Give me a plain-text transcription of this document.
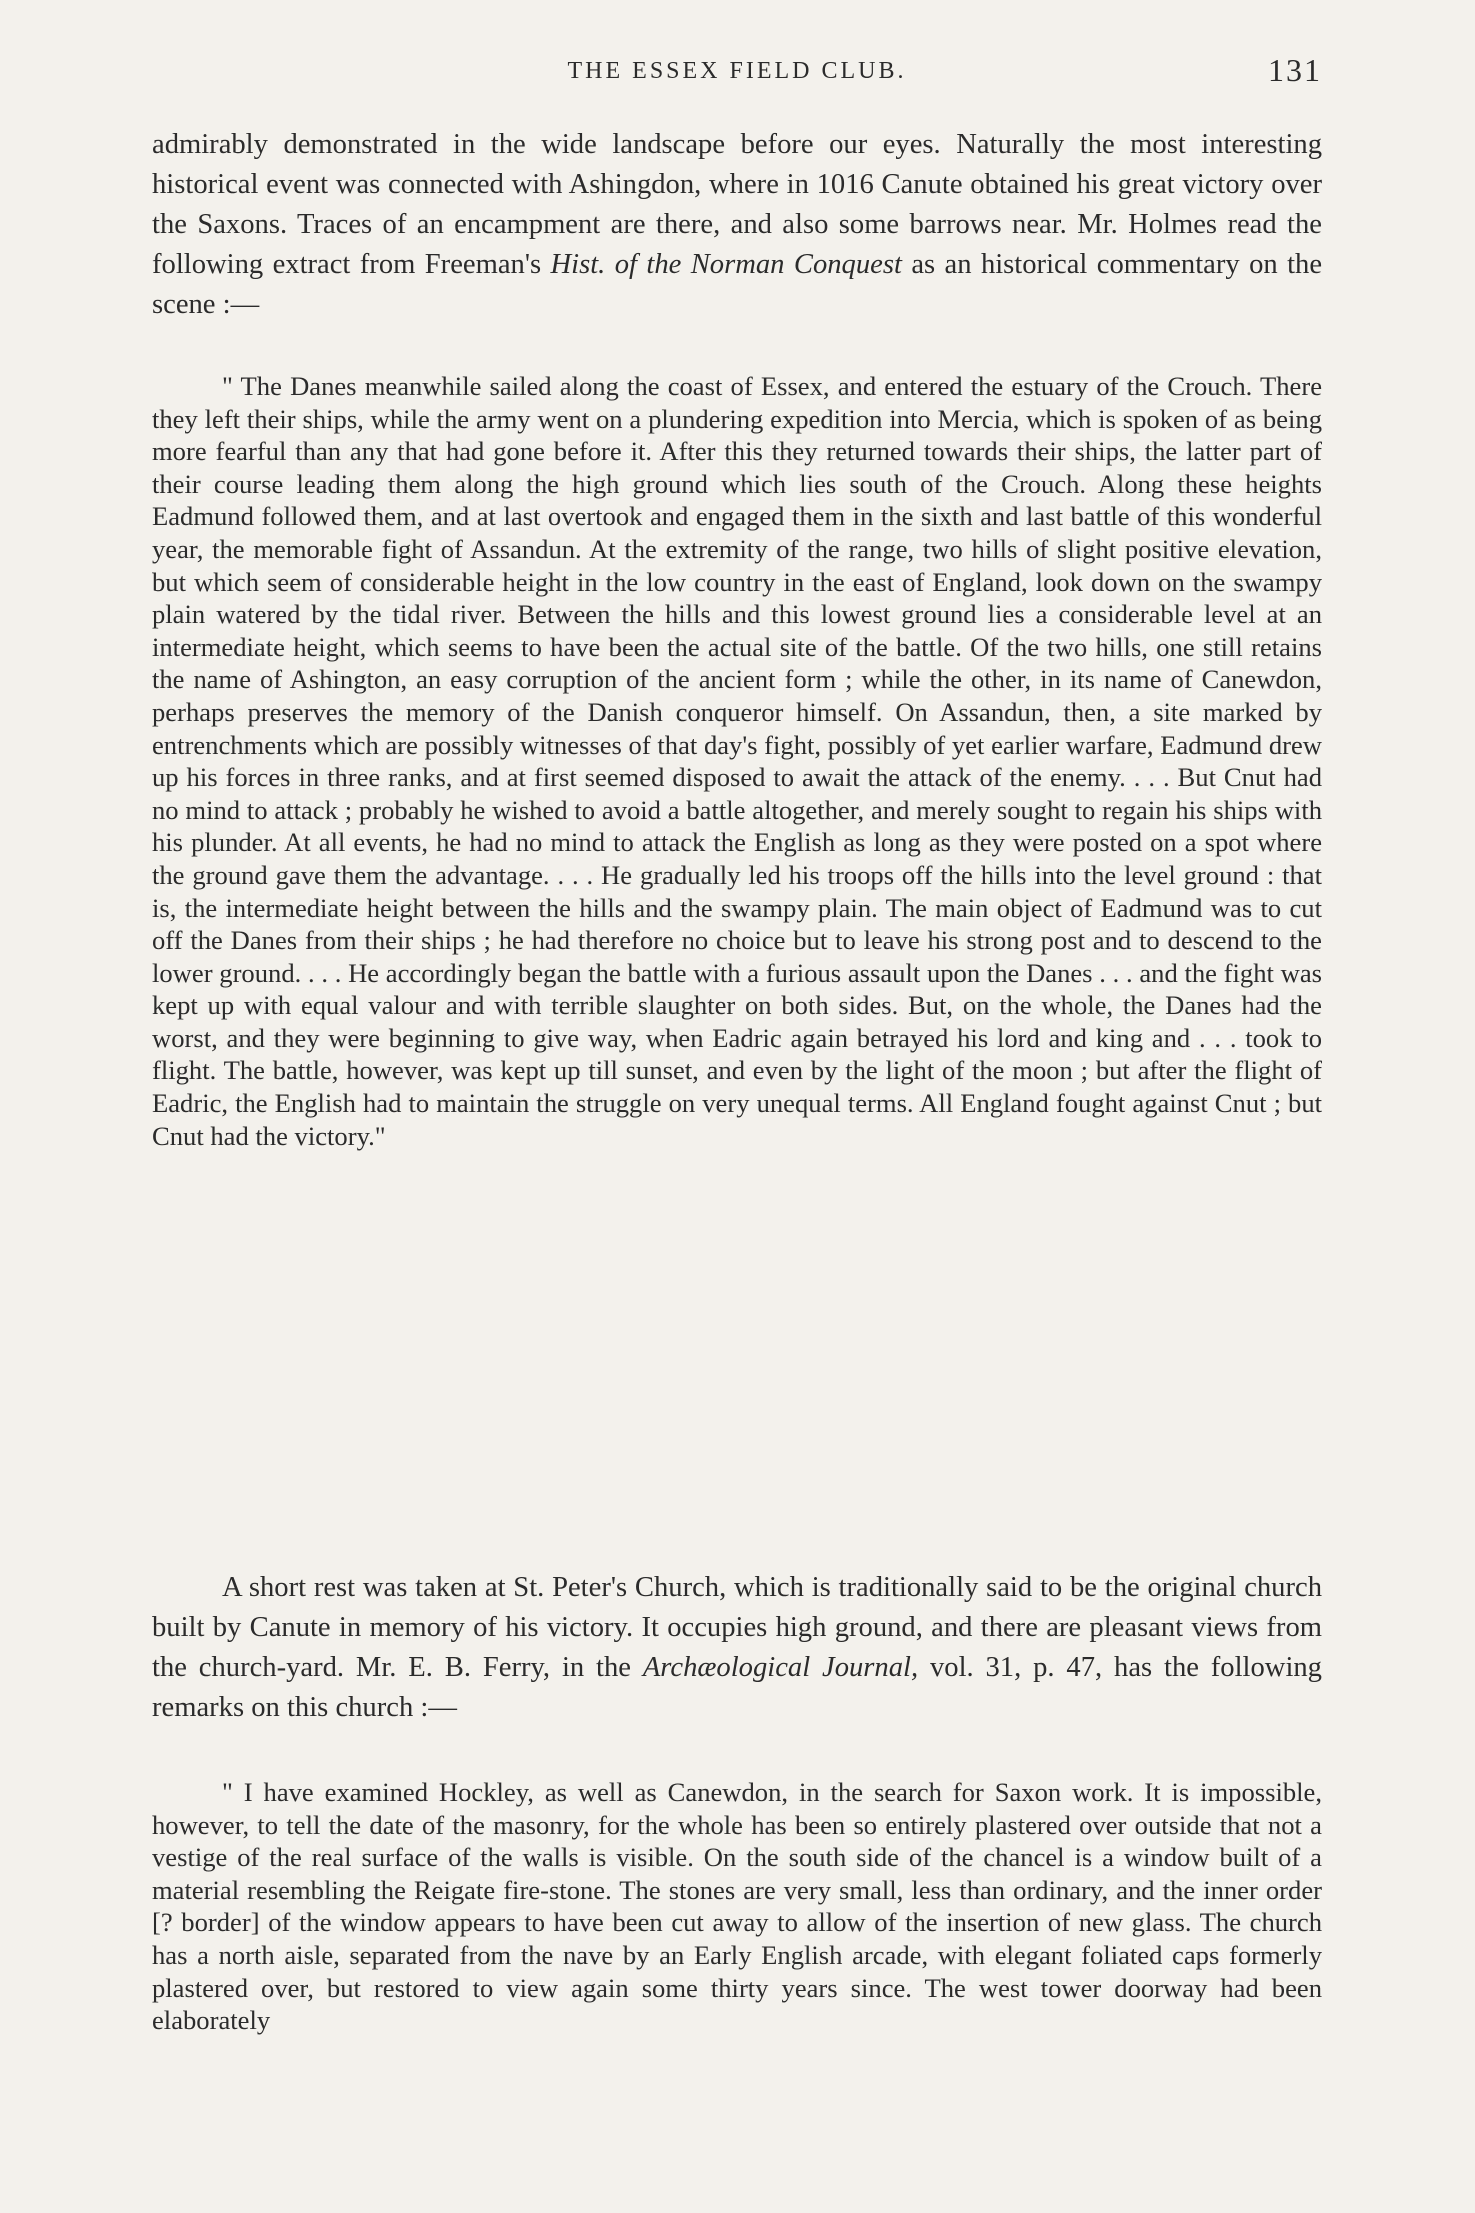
THE ESSEX FIELD CLUB.	131

admirably demonstrated in the wide landscape before our eyes. Naturally the most interesting historical event was connected with Ashingdon, where in 1016 Canute obtained his great victory over the Saxons. Traces of an encampment are there, and also some barrows near. Mr. Holmes read the following extract from Freeman's Hist. of the Norman Conquest as an historical commentary on the scene :—

" The Danes meanwhile sailed along the coast of Essex, and entered the estuary of the Crouch. There they left their ships, while the army went on a plundering expedition into Mercia, which is spoken of as being more fearful than any that had gone before it. After this they returned towards their ships, the latter part of their course leading them along the high ground which lies south of the Crouch. Along these heights Eadmund followed them, and at last overtook and engaged them in the sixth and last battle of this wonderful year, the memorable fight of Assandun. At the extremity of the range, two hills of slight positive elevation, but which seem of considerable height in the low country in the east of England, look down on the swampy plain watered by the tidal river. Between the hills and this lowest ground lies a considerable level at an intermediate height, which seems to have been the actual site of the battle. Of the two hills, one still retains the name of Ashington, an easy corruption of the ancient form ; while the other, in its name of Canewdon, perhaps preserves the memory of the Danish conqueror himself. On Assandun, then, a site marked by entrenchments which are possibly witnesses of that day's fight, possibly of yet earlier warfare, Eadmund drew up his forces in three ranks, and at first seemed disposed to await the attack of the enemy. . . . But Cnut had no mind to attack ; probably he wished to avoid a battle altogether, and merely sought to regain his ships with his plunder. At all events, he had no mind to attack the English as long as they were posted on a spot where the ground gave them the advantage. . . . He gradually led his troops off the hills into the level ground : that is, the intermediate height between the hills and the swampy plain. The main object of Eadmund was to cut off the Danes from their ships ; he had therefore no choice but to leave his strong post and to descend to the lower ground. . . . He accordingly began the battle with a furious assault upon the Danes . . . and the fight was kept up with equal valour and with terrible slaughter on both sides. But, on the whole, the Danes had the worst, and they were beginning to give way, when Eadric again betrayed his lord and king and . . . took to flight. The battle, however, was kept up till sunset, and even by the light of the moon ; but after the flight of Eadric, the English had to maintain the struggle on very unequal terms. All England fought against Cnut ; but Cnut had the victory."

A short rest was taken at St. Peter's Church, which is traditionally said to be the original church built by Canute in memory of his victory. It occupies high ground, and there are pleasant views from the church-yard. Mr. E. B. Ferry, in the Archæological Journal, vol. 31, p. 47, has the following remarks on this church :—

" I have examined Hockley, as well as Canewdon, in the search for Saxon work. It is impossible, however, to tell the date of the masonry, for the whole has been so entirely plastered over outside that not a vestige of the real surface of the walls is visible. On the south side of the chancel is a window built of a material resembling the Reigate fire-stone. The stones are very small, less than ordinary, and the inner order [? border] of the window appears to have been cut away to allow of the insertion of new glass. The church has a north aisle, separated from the nave by an Early English arcade, with elegant foliated caps formerly plastered over, but restored to view again some thirty years since. The west tower doorway had been elaborately
